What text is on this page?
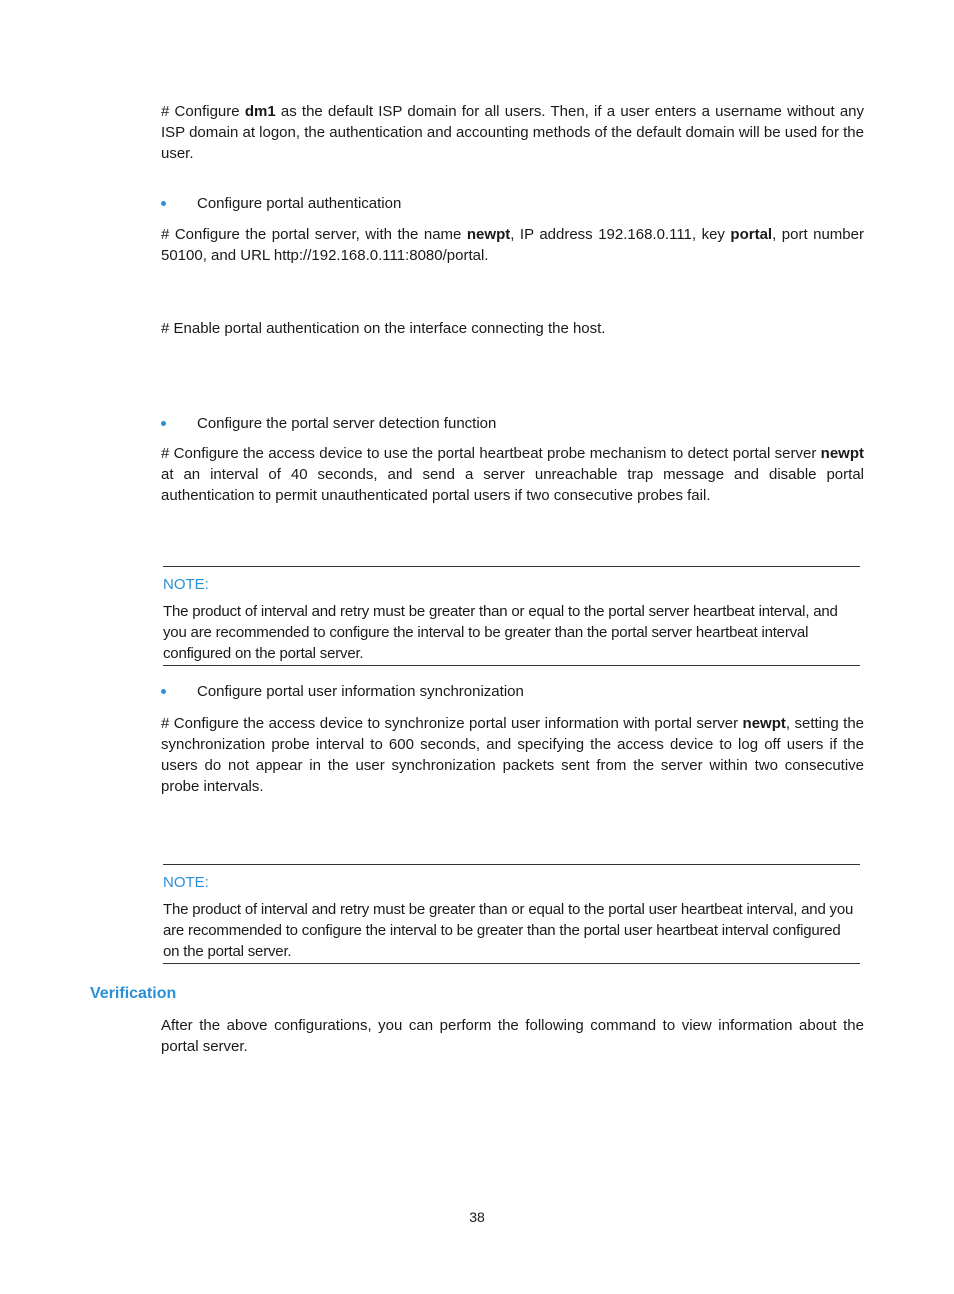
# Configure dm1 as the default ISP domain for all users. Then, if a user enters a username without any ISP domain at logon, the authentication and accounting methods of the default domain will be used for the user.

Configure portal authentication

# Configure the portal server, with the name newpt, IP address 192.168.0.111, key portal, port number 50100, and URL http://192.168.0.111:8080/portal.

# Enable portal authentication on the interface connecting the host.

Configure the portal server detection function

# Configure the access device to use the portal heartbeat probe mechanism to detect portal server newpt at an interval of 40 seconds, and send a server unreachable trap message and disable portal authentication to permit unauthenticated portal users if two consecutive probes fail.

NOTE:

The product of interval and retry must be greater than or equal to the portal server heartbeat interval, and you are recommended to configure the interval to be greater than the portal server heartbeat interval configured on the portal server.

Configure portal user information synchronization

# Configure the access device to synchronize portal user information with portal server newpt, setting the synchronization probe interval to 600 seconds, and specifying the access device to log off users if the users do not appear in the user synchronization packets sent from the server within two consecutive probe intervals.

NOTE:

The product of interval and retry must be greater than or equal to the portal user heartbeat interval, and you are recommended to configure the interval to be greater than the portal user heartbeat interval configured on the portal server.

Verification

After the above configurations, you can perform the following command to view information about the portal server.

38
